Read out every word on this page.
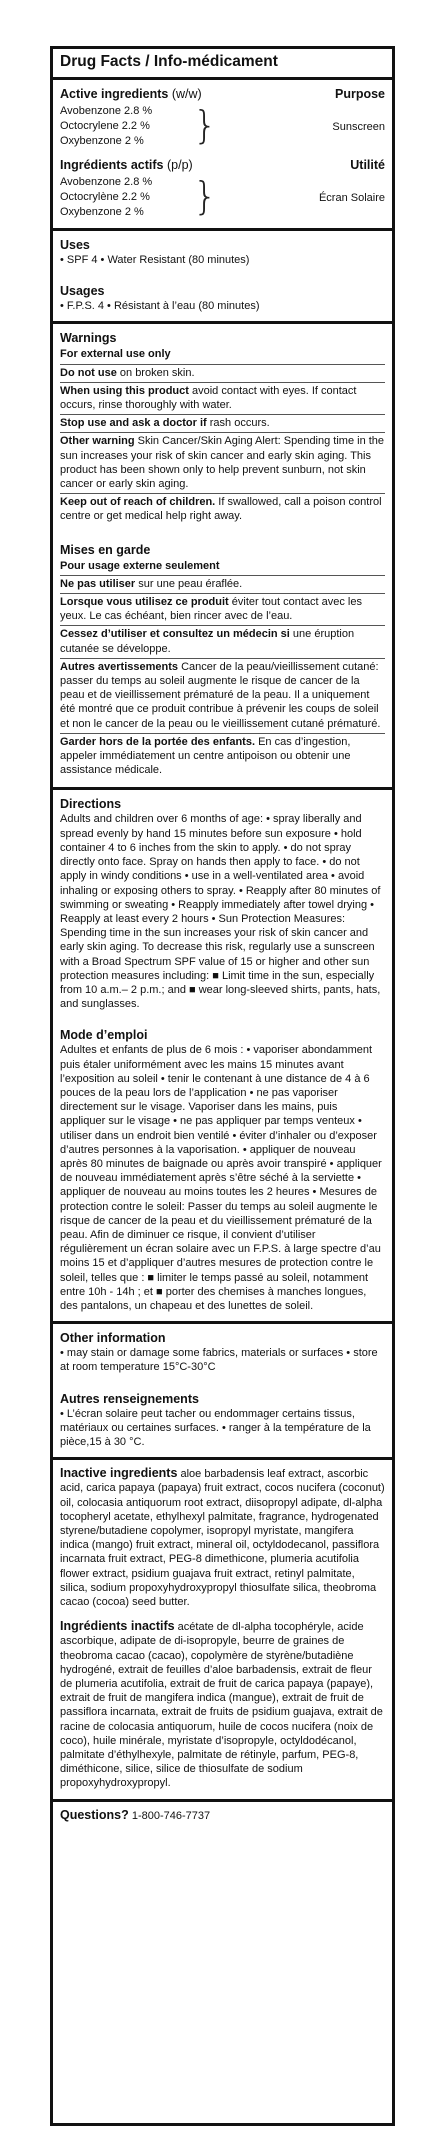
Drug Facts / Info-médicament
Active ingredients (w/w)	Purpose
Avobenzone 2.8 %
Octocrylene 2.2 %
Oxybenzone 2 %	}	Sunscreen
Ingrédients actifs (p/p)	Utilité
Avobenzone 2.8 %
Octocrylène 2.2 %
Oxybenzone 2 %	}	Écran Solaire
Uses
• SPF 4 • Water Resistant (80 minutes)
Usages
• F.P.S. 4 • Résistant à l’eau (80 minutes)
Warnings
For external use only
Do not use on broken skin.
When using this product avoid contact with eyes. If contact occurs, rinse thoroughly with water.
Stop use and ask a doctor if rash occurs.
Other warning Skin Cancer/Skin Aging Alert: Spending time in the sun increases your risk of skin cancer and early skin aging. This product has been shown only to help prevent sunburn, not skin cancer or early skin aging.
Keep out of reach of children. If swallowed, call a poison control centre or get medical help right away.
Mises en garde
Pour usage externe seulement
Ne pas utiliser sur une peau éraflée.
Lorsque vous utilisez ce produit éviter tout contact avec les yeux. Le cas échéant, bien rincer avec de l’eau.
Cessez d’utiliser et consultez un médecin si une éruption cutanée se développe.
Autres avertissements Cancer de la peau/vieillissement cutané: passer du temps au soleil augmente le risque de cancer de la peau et de vieillissement prématuré de la peau. Il a uniquement été montré que ce produit contribue à prévenir les coups de soleil et non le cancer de la peau ou le vieillissement cutané prématuré.
Garder hors de la portée des enfants. En cas d’ingestion, appeler immédiatement un centre antipoison ou obtenir une assistance médicale.
Directions
Adults and children over 6 months of age: • spray liberally and spread evenly by hand 15 minutes before sun exposure • hold container 4 to 6 inches from the skin to apply. • do not spray directly onto face. Spray on hands then apply to face. • do not apply in windy conditions • use in a well-ventilated area • avoid inhaling or exposing others to spray. • Reapply after 80 minutes of swimming or sweating • Reapply immediately after towel drying • Reapply at least every 2 hours • Sun Protection Measures: Spending time in the sun increases your risk of skin cancer and early skin aging. To decrease this risk, regularly use a sunscreen with a Broad Spectrum SPF value of 15 or higher and other sun protection measures including: ■ Limit time in the sun, especially from 10 a.m.– 2 p.m.; and ■ wear long-sleeved shirts, pants, hats, and sunglasses.
Mode d’emploi
Adultes et enfants de plus de 6 mois : • vaporiser abondamment puis étaler uniformément avec les mains 15 minutes avant l’exposition au soleil • tenir le contenant à une distance de 4 à 6 pouces de la peau lors de l’application • ne pas vaporiser directement sur le visage. Vaporiser dans les mains, puis appliquer sur le visage • ne pas appliquer par temps venteux • utiliser dans un endroit bien ventilé • éviter d’inhaler ou d’exposer d’autres personnes à la vaporisation. • appliquer de nouveau après 80 minutes de baignade ou après avoir transpiré • appliquer de nouveau immédiatement après s’être séché à la serviette • appliquer de nouveau au moins toutes les 2 heures • Mesures de protection contre le soleil: Passer du temps au soleil augmente le risque de cancer de la peau et du vieillissement prématuré de la peau. Afin de diminuer ce risque, il convient d’utiliser régulièrement un écran solaire avec un F.P.S. à large spectre d’au moins 15 et d’appliquer d’autres mesures de protection contre le soleil, telles que : ■ limiter le temps passé au soleil, notamment entre 10h - 14h ; et ■ porter des chemises à manches longues, des pantalons, un chapeau et des lunettes de soleil.
Other information
• may stain or damage some fabrics, materials or surfaces • store at room temperature 15°C-30°C
Autres renseignements
• L’écran solaire peut tacher ou endommager certains tissus, matériaux ou certaines surfaces. • ranger à la température de la pièce,15 à 30 °C.
Inactive ingredients aloe barbadensis leaf extract, ascorbic acid, carica papaya (papaya) fruit extract, cocos nucifera (coconut) oil, colocasia antiquorum root extract, diisopropyl adipate, dl-alpha tocopheryl acetate, ethylhexyl palmitate, fragrance, hydrogenated styrene/butadiene copolymer, isopropyl myristate, mangifera indica (mango) fruit extract, mineral oil, octyldodecanol, passiflora incarnata fruit extract, PEG-8 dimethicone, plumeria acutifolia flower extract, psidium guajava fruit extract, retinyl palmitate, silica, sodium propoxyhydroxypropyl thiosulfate silica, theobroma cacao (cocoa) seed butter.
Ingrédients inactifs acétate de dl-alpha tocophéryle, acide ascorbique, adipate de di-isopropyle, beurre de graines de theobroma cacao (cacao), copolymère de styrène/butadiène hydrogéné, extrait de feuilles d’aloe barbadensis, extrait de fleur de plumeria acutifolia, extrait de fruit de carica papaya (papaye), extrait de fruit de mangifera indica (mangue), extrait de fruit de passiflora incarnata, extrait de fruits de psidium guajava, extrait de racine de colocasia antiquorum, huile de cocos nucifera (noix de coco), huile minérale, myristate d’isopropyle, octyldodécanol, palmitate d’éthylhexyle, palmitate de rétinyle, parfum, PEG-8, diméthicone, silice, silice de thiosulfate de sodium propoxyhydroxypropyl.
Questions? 1-800-746-7737
